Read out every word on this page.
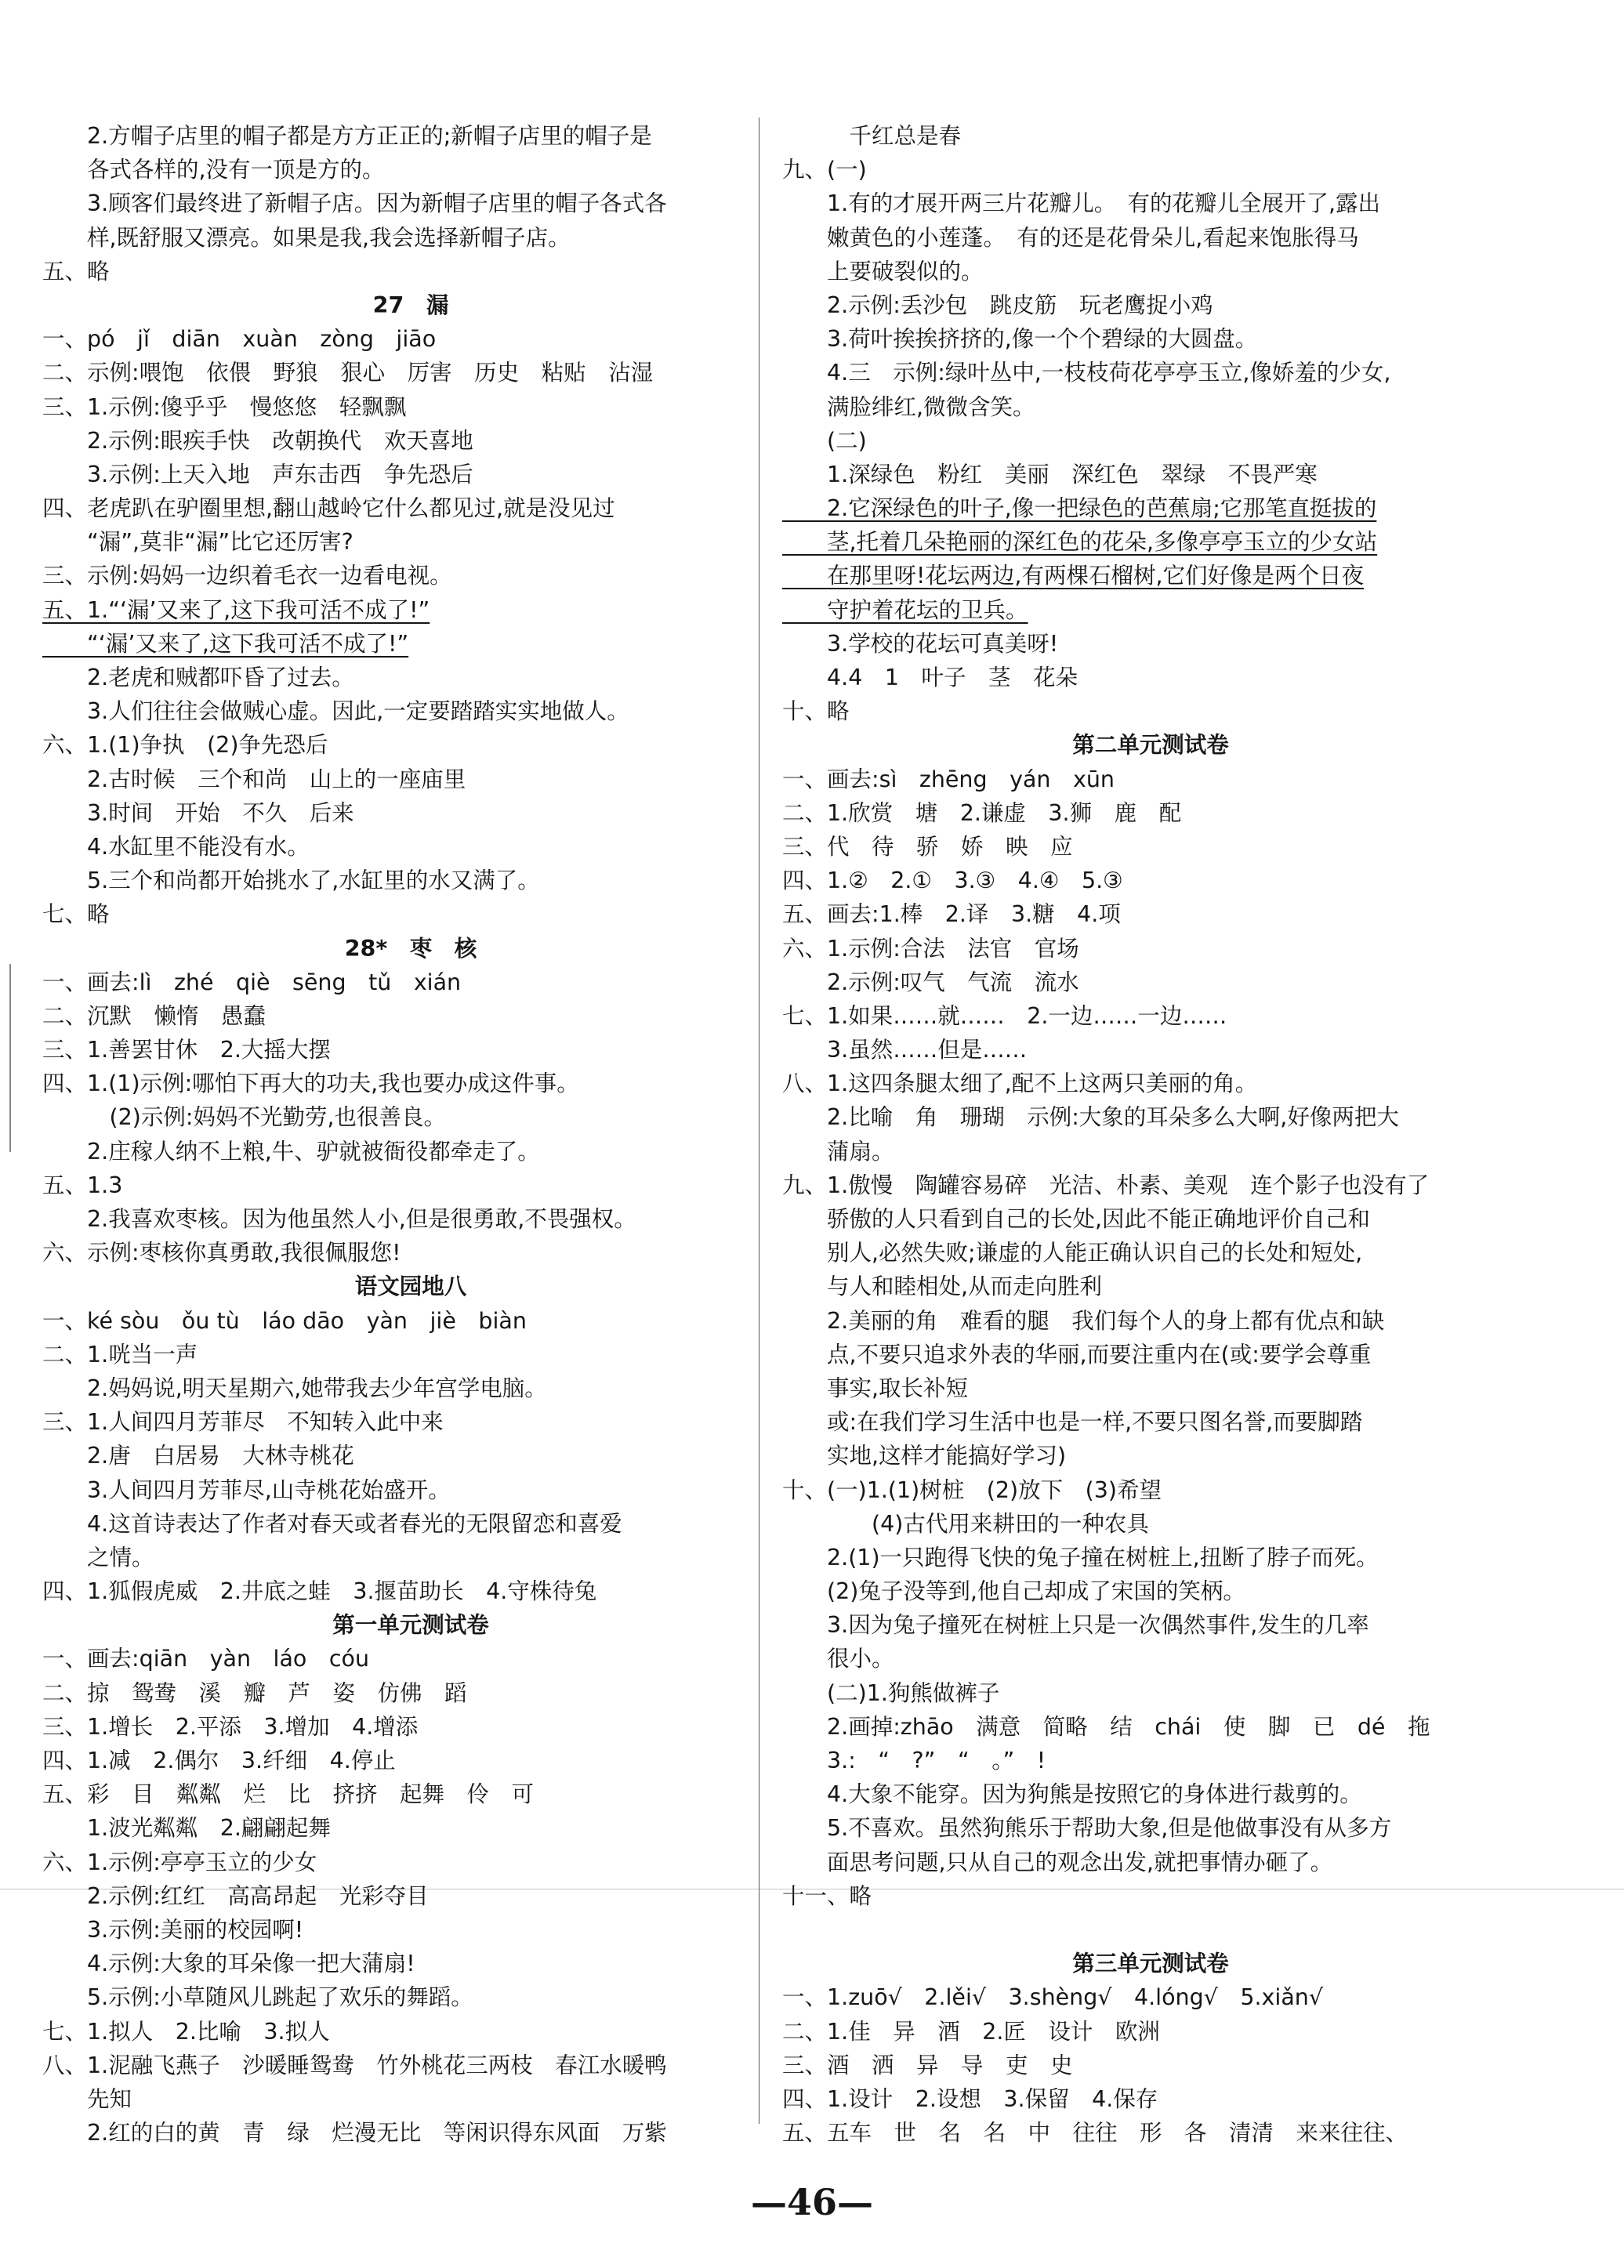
　　2.方帽子店里的帽子都是方方正正的;新帽子店里的帽子是
　　各式各样的,没有一顶是方的。
　　3.顾客们最终进了新帽子店。因为新帽子店里的帽子各式各
　　样,既舒服又漂亮。如果是我,我会选择新帽子店。
五、略
27　漏
一、pó　jǐ　diān　xuàn　zòng　jiāo
二、示例:喂饱　依偎　野狼　狠心　厉害　历史　粘贴　沾湿
三、1.示例:傻乎乎　慢悠悠　轻飘飘
　　2.示例:眼疾手快　改朝换代　欢天喜地
　　3.示例:上天入地　声东击西　争先恐后
四、老虎趴在驴圈里想,翻山越岭它什么都见过,就是没见过
　　“漏”,莫非“漏”比它还厉害?
三、示例:妈妈一边织着毛衣一边看电视。
五、1.“‘漏’又来了,这下我可活不成了!”
　　“‘漏’又来了,这下我可活不成了!”
　　2.老虎和贼都吓昏了过去。
　　3.人们往往会做贼心虚。因此,一定要踏踏实实地做人。
六、1.(1)争执　(2)争先恐后
　　2.古时候　三个和尚　山上的一座庙里
　　3.时间　开始　不久　后来
　　4.水缸里不能没有水。
　　5.三个和尚都开始挑水了,水缸里的水又满了。
七、略
28*　枣　核
一、画去:lì　zhé　qiè　sēng　tǔ　xián
二、沉默　懒惰　愚蠢
三、1.善罢甘休　2.大摇大摆
四、1.(1)示例:哪怕下再大的功夫,我也要办成这件事。
　　　(2)示例:妈妈不光勤劳,也很善良。
　　2.庄稼人纳不上粮,牛、驴就被衙役都牵走了。
五、1.3
　　2.我喜欢枣核。因为他虽然人小,但是很勇敢,不畏强权。
六、示例:枣核你真勇敢,我很佩服您!
语文园地八
一、ké sòu　ǒu tù　láo dāo　yàn　jiè　biàn
二、1.咣当一声
　　2.妈妈说,明天星期六,她带我去少年宫学电脑。
三、1.人间四月芳菲尽　不知转入此中来
　　2.唐　白居易　大林寺桃花
　　3.人间四月芳菲尽,山寺桃花始盛开。
　　4.这首诗表达了作者对春天或者春光的无限留恋和喜爱
　　之情。
四、1.狐假虎威　2.井底之蛙　3.揠苗助长　4.守株待兔
第一单元测试卷
一、画去:qiān　yàn　láo　cóu
二、掠　鸳鸯　溪　瓣　芦　姿　仿佛　蹈
三、1.增长　2.平添　3.增加　4.增添
四、1.减　2.偶尔　3.纤细　4.停止
五、彩　目　粼粼　烂　比　挤挤　起舞　伶　可
　　1.波光粼粼　2.翩翩起舞
六、1.示例:亭亭玉立的少女
　　2.示例:红红　高高昂起　光彩夺目
　　3.示例:美丽的校园啊!
　　4.示例:大象的耳朵像一把大蒲扇!
　　5.示例:小草随风儿跳起了欢乐的舞蹈。
七、1.拟人　2.比喻　3.拟人
八、1.泥融飞燕子　沙暖睡鸳鸯　竹外桃花三两枝　春江水暖鸭
　　先知
　　2.红的白的黄　青　绿　烂漫无比　等闲识得东风面　万紫
　　　千红总是春
九、(一)
　　1.有的才展开两三片花瓣儿。　有的花瓣儿全展开了,露出
　　嫩黄色的小莲蓬。　有的还是花骨朵儿,看起来饱胀得马
　　上要破裂似的。
　　2.示例:丢沙包　跳皮筋　玩老鹰捉小鸡
　　3.荷叶挨挨挤挤的,像一个个碧绿的大圆盘。
　　4.三　示例:绿叶丛中,一枝枝荷花亭亭玉立,像娇羞的少女,
　　满脸绯红,微微含笑。
　　(二)
　　1.深绿色　粉红　美丽　深红色　翠绿　不畏严寒
　　2.它深绿色的叶子,像一把绿色的芭蕉扇;它那笔直挺拔的
　　茎,托着几朵艳丽的深红色的花朵,多像亭亭玉立的少女站
　　在那里呀!花坛两边,有两棵石榴树,它们好像是两个日夜
　　守护着花坛的卫兵。
　　3.学校的花坛可真美呀!
　　4.4　1　叶子　茎　花朵
十、略
第二单元测试卷
一、画去:sì　zhēng　yán　xūn
二、1.欣赏　塘　2.谦虚　3.狮　鹿　配
三、代　待　骄　娇　映　应
四、1.②　2.①　3.③　4.④　5.③
五、画去:1.棒　2.译　3.糖　4.项
六、1.示例:合法　法官　官场
　　2.示例:叹气　气流　流水
七、1.如果……就……　2.一边……一边……
　　3.虽然……但是……
八、1.这四条腿太细了,配不上这两只美丽的角。
　　2.比喻　角　珊瑚　示例:大象的耳朵多么大啊,好像两把大
　　蒲扇。
九、1.傲慢　陶罐容易碎　光洁、朴素、美观　连个影子也没有了
　　骄傲的人只看到自己的长处,因此不能正确地评价自己和
　　别人,必然失败;谦虚的人能正确认识自己的长处和短处,
　　与人和睦相处,从而走向胜利
　　2.美丽的角　难看的腿　我们每个人的身上都有优点和缺
　　点,不要只追求外表的华丽,而要注重内在(或:要学会尊重
　　事实,取长补短
　　或:在我们学习生活中也是一样,不要只图名誉,而要脚踏
　　实地,这样才能搞好学习)
十、(一)1.(1)树桩　(2)放下　(3)希望
　　　　(4)古代用来耕田的一种农具
　　2.(1)一只跑得飞快的兔子撞在树桩上,扭断了脖子而死。
　　(2)兔子没等到,他自己却成了宋国的笑柄。
　　3.因为兔子撞死在树桩上只是一次偶然事件,发生的几率
　　很小。
　　(二)1.狗熊做裤子
　　2.画掉:zhāo　满意　简略　结　chái　使　脚　已　dé　拖
　　3.:　“　?”　“　。”　!
　　4.大象不能穿。因为狗熊是按照它的身体进行裁剪的。
　　5.不喜欢。虽然狗熊乐于帮助大象,但是他做事没有从多方
　　面思考问题,只从自己的观念出发,就把事情办砸了。
十一、略
第三单元测试卷
一、1.zuō√　2.lěi√　3.shèng√　4.lóng√　5.xiǎn√
二、1.佳　异　酒　2.匠　设计　欧洲
三、酒　洒　异　导　吏　史
四、1.设计　2.设想　3.保留　4.保存
五、五车　世　名　名　中　往往　形　各　清清　来来往往、
—46—
